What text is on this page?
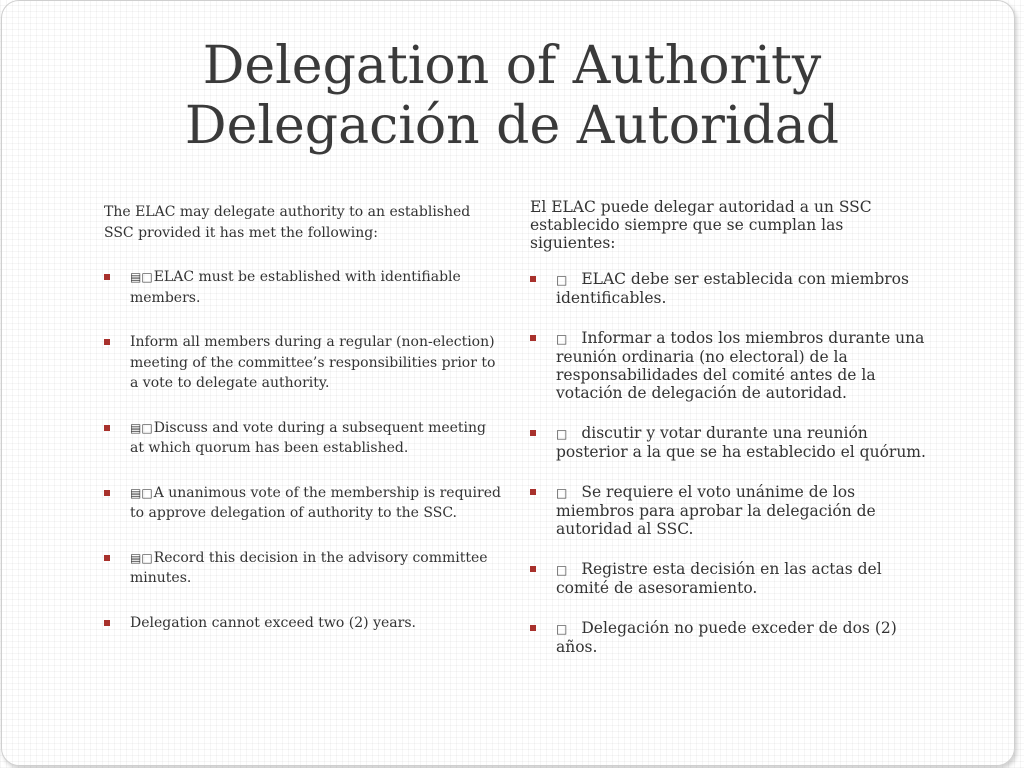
Delegation of Authority
Delegación de Autoridad

The ELAC may delegate authority to an established SSC provided it has met the following:

▤□ELAC must be established with identifiable members.
Inform all members during a regular (non-election) meeting of the committee’s responsibilities prior to a vote to delegate authority.
▤□Discuss and vote during a subsequent meeting at which quorum has been established.
▤□A unanimous vote of the membership is required to approve delegation of authority to the SSC.
▤□Record this decision in the advisory committee minutes.
Delegation cannot exceed two (2) years.

El ELAC puede delegar autoridad a un SSC establecido siempre que se cumplan las siguientes:

□ ELAC debe ser establecida con miembros identificables.
□ Informar a todos los miembros durante una reunión ordinaria (no electoral) de la responsabilidades del comité antes de la votación de delegación de autoridad.
□ discutir y votar durante una reunión posterior a la que se ha establecido el quórum.
□ Se requiere el voto unánime de los miembros para aprobar la delegación de autoridad al SSC.
□ Registre esta decisión en las actas del comité de asesoramiento.
□ Delegación no puede exceder de dos (2) años.
